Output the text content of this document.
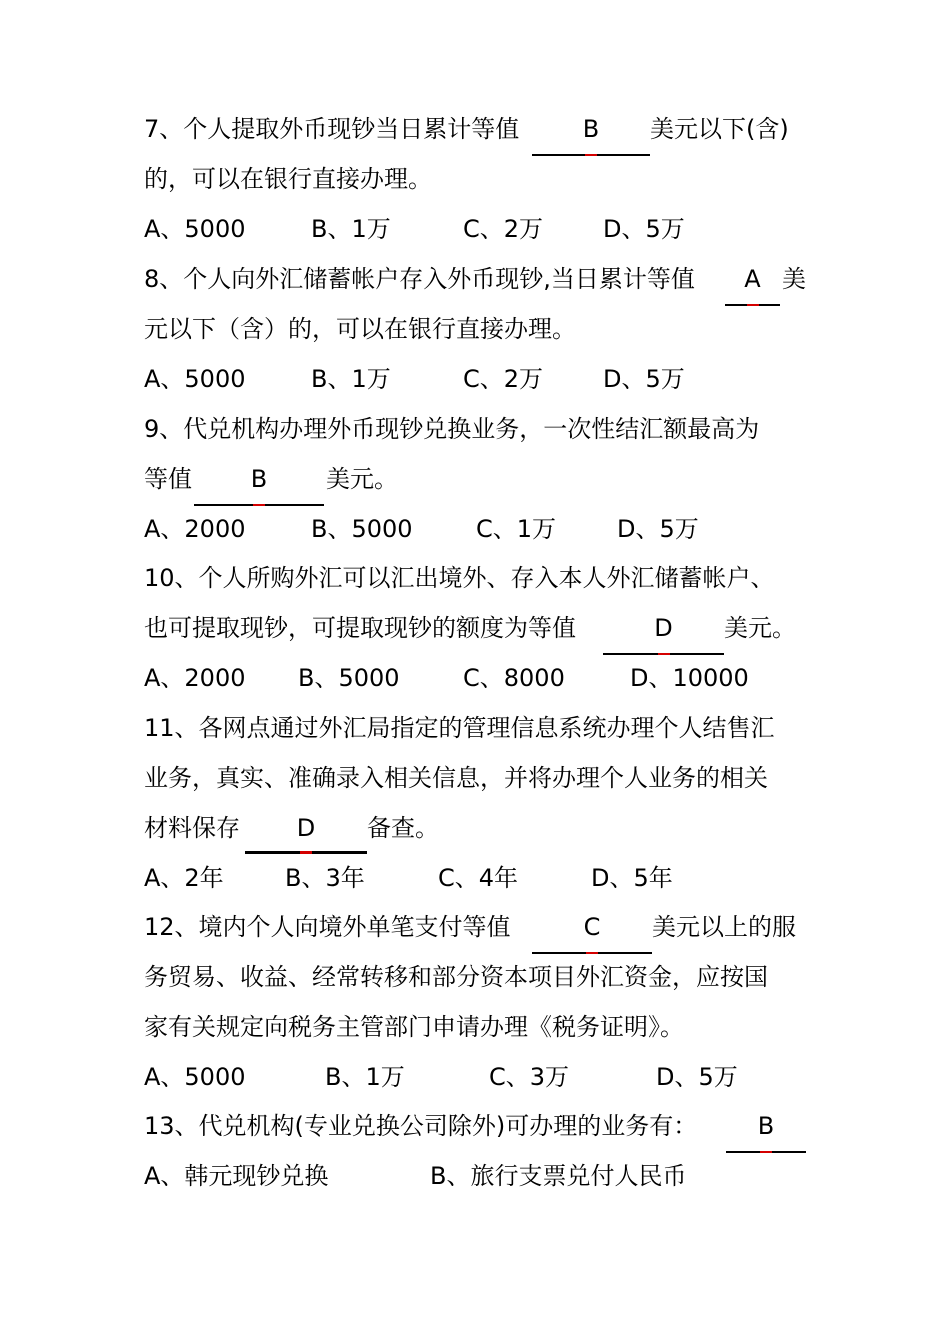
7、个人提取外币现钞当日累计等值	B	美元以下(含)
的，可以在银行直接办理。
A、5000	B、1万	C、2万 D、5万
8、个人向外汇储蓄帐户存入外币现钞,当日累计等值	A 美
元以下（含）的，可以在银行直接办理。
A、5000	B、1万	C、2万 D、5万
9、代兑机构办理外币现钞兑换业务，一次性结汇额最高为
等值	B	美元。
A、2000	B、5000	C、1万	D、5万
10、个人所购外汇可以汇出境外、存入本人外汇储蓄帐户、
也可提取现钞，可提取现钞的额度为等值	D	美元。
A、2000 B、5000	C、8000	D、10000
11、各网点通过外汇局指定的管理信息系统办理个人结售汇
业务，真实、准确录入相关信息，并将办理个人业务的相关
材料保存	D	备查。
A、2年	B、3年	C、4年	D、5年
12、境内个人向境外单笔支付等值	C	美元以上的服
务贸易、收益、经常转移和部分资本项目外汇资金，应按国
家有关规定向税务主管部门申请办理《税务证明》。
A、5000	B、1万	C、3万	D、5万
13、代兑机构(专业兑换公司除外)可办理的业务有：	B
A、韩元现钞兑换	B、旅行支票兑付人民币
